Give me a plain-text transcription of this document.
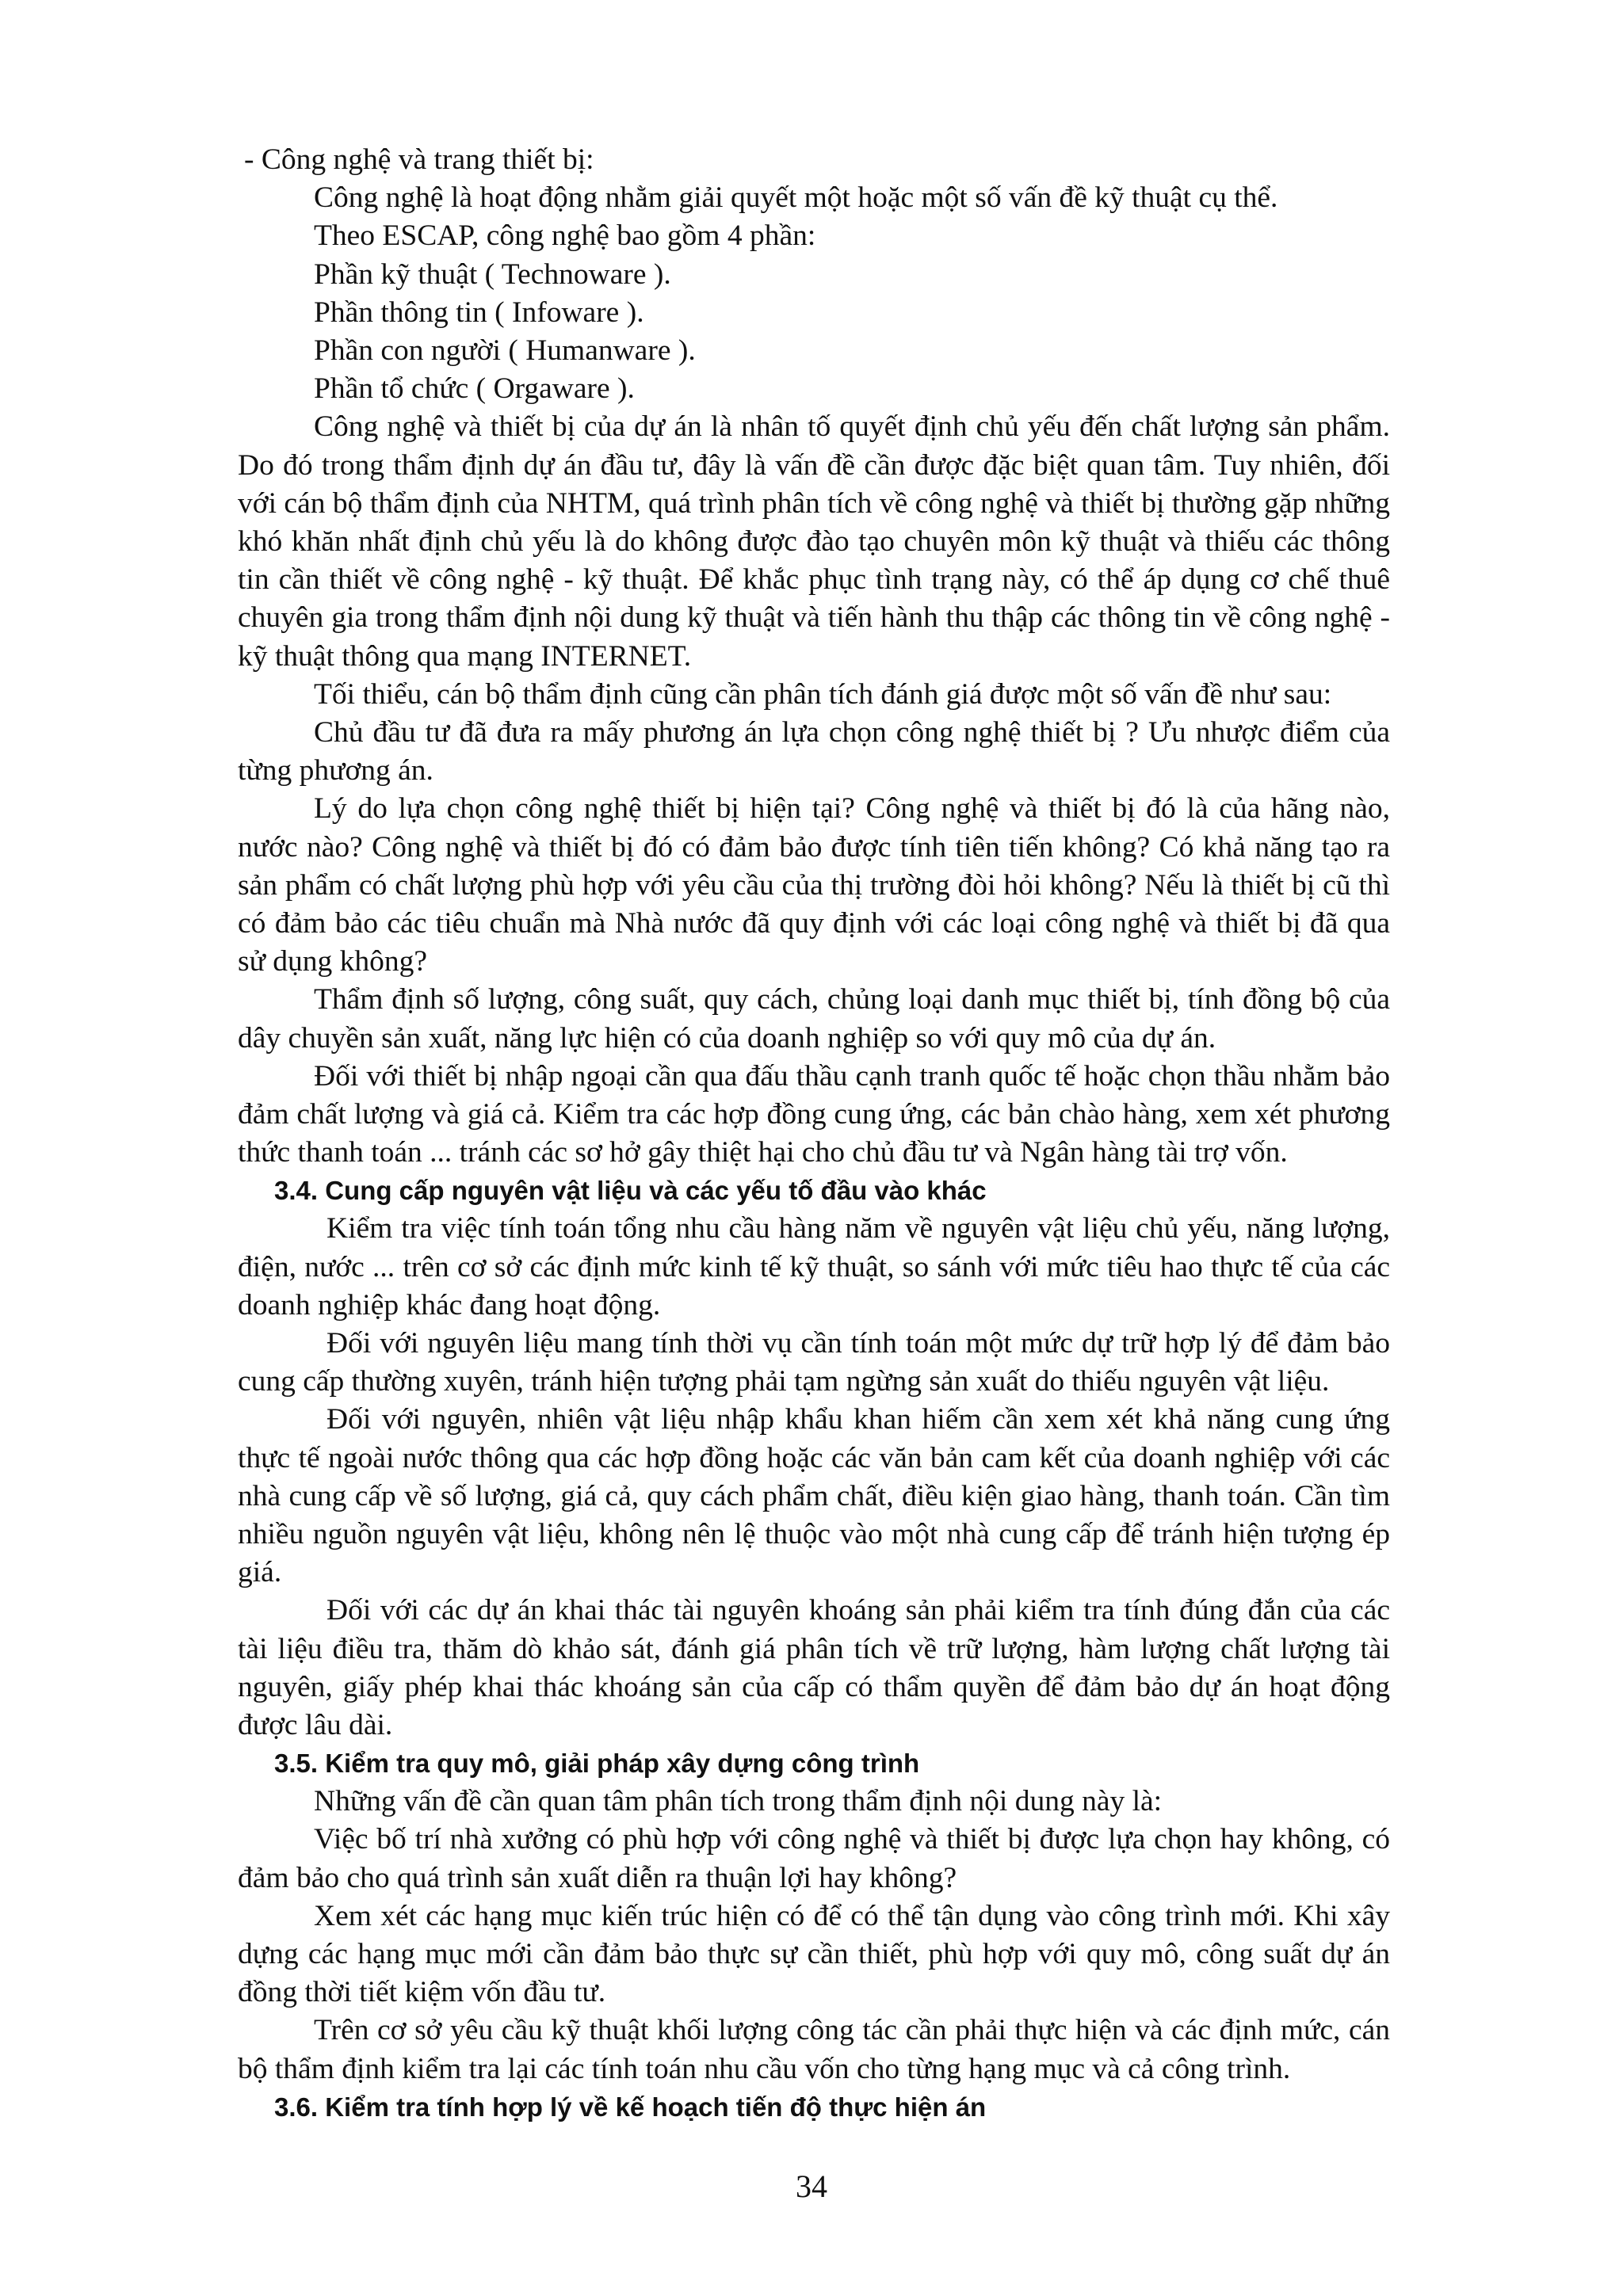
- Công nghệ và trang thiết bị:
Công nghệ là hoạt động nhằm giải quyết một hoặc một số vấn đề kỹ thuật cụ thể.
Theo ESCAP, công nghệ bao gồm 4 phần:
Phần kỹ thuật ( Technoware ).
Phần thông tin ( Infoware ).
Phần con người ( Humanware ).
Phần tổ chức ( Orgaware ).
Công nghệ và thiết bị của dự án là nhân tố quyết định chủ yếu đến chất lượng sản phẩm. Do đó trong thẩm định dự án đầu tư, đây là vấn đề cần được đặc biệt quan tâm. Tuy nhiên, đối với cán bộ thẩm định của NHTM, quá trình phân tích về công nghệ và thiết bị thường gặp những khó khăn nhất định chủ yếu là do không được đào tạo chuyên môn kỹ thuật và thiếu các thông tin cần thiết về công nghệ - kỹ thuật. Để khắc phục tình trạng này, có thể áp dụng cơ chế thuê chuyên gia trong thẩm định nội dung kỹ thuật và tiến hành thu thập các thông tin về công nghệ - kỹ thuật thông qua mạng INTERNET.
Tối thiểu, cán bộ thẩm định cũng cần phân tích đánh giá được một số vấn đề như sau:
Chủ đầu tư đã đưa ra mấy phương án lựa chọn công nghệ thiết bị ? Ưu nhược điểm của từng phương án.
Lý do lựa chọn công nghệ thiết bị hiện tại? Công nghệ và thiết bị đó là của hãng nào, nước nào? Công nghệ và thiết bị đó có đảm bảo được tính tiên tiến không? Có khả năng tạo ra sản phẩm có chất lượng phù hợp với yêu cầu của thị trường đòi hỏi không? Nếu là thiết bị cũ thì có đảm bảo các tiêu chuẩn mà Nhà nước đã quy định với các loại công nghệ và thiết bị đã qua sử dụng không?
Thẩm định số lượng, công suất, quy cách, chủng loại danh mục thiết bị, tính đồng bộ của dây chuyền sản xuất, năng lực hiện có của doanh nghiệp so với quy mô của dự án.
Đối với thiết bị nhập ngoại cần qua đấu thầu cạnh tranh quốc tế hoặc chọn thầu nhằm bảo đảm chất lượng và giá cả. Kiểm tra các hợp đồng cung ứng, các bản chào hàng, xem xét phương thức thanh toán ... tránh các sơ hở gây thiệt hại cho chủ đầu tư và Ngân hàng tài trợ vốn.
3.4. Cung cấp nguyên vật liệu và các yếu tố đầu vào khác
Kiểm tra việc tính toán tổng nhu cầu hàng năm về nguyên vật liệu chủ yếu, năng lượng, điện, nước ... trên cơ sở các định mức kinh tế kỹ thuật, so sánh với mức tiêu hao thực tế của các doanh nghiệp khác đang hoạt động.
Đối với nguyên liệu mang tính thời vụ cần tính toán một mức dự trữ hợp lý để đảm bảo cung cấp thường xuyên, tránh hiện tượng phải tạm ngừng sản xuất do thiếu nguyên vật liệu.
Đối với nguyên, nhiên vật liệu nhập khẩu khan hiếm cần xem xét khả năng cung ứng thực tế ngoài nước thông qua các hợp đồng hoặc các văn bản cam kết của doanh nghiệp với các nhà cung cấp về số lượng, giá cả, quy cách phẩm chất, điều kiện giao hàng, thanh toán. Cần tìm nhiều nguồn nguyên vật liệu, không nên lệ thuộc vào một nhà cung cấp để tránh hiện tượng ép giá.
Đối với các dự án khai thác tài nguyên khoáng sản phải kiểm tra tính đúng đắn của các tài liệu điều tra, thăm dò khảo sát, đánh giá phân tích về trữ lượng, hàm lượng chất lượng tài nguyên, giấy phép khai thác khoáng sản của cấp có thẩm quyền để đảm bảo dự án hoạt động được lâu dài.
3.5. Kiểm tra quy mô, giải pháp xây dựng công trình
Những vấn đề cần quan tâm phân tích trong thẩm định nội dung này là:
Việc bố trí nhà xưởng có phù hợp với công nghệ và thiết bị được lựa chọn hay không, có đảm bảo cho quá trình sản xuất diễn ra thuận lợi hay không?
Xem xét các hạng mục kiến trúc hiện có để có thể tận dụng vào công trình mới. Khi xây dựng các hạng mục mới cần đảm bảo thực sự cần thiết, phù hợp với quy mô, công suất dự án đồng thời tiết kiệm vốn đầu tư.
Trên cơ sở yêu cầu kỹ thuật khối lượng công tác cần phải thực hiện và các định mức, cán bộ thẩm định kiểm tra lại các tính toán nhu cầu vốn cho từng hạng mục và cả công trình.
3.6. Kiểm tra tính hợp lý về kế hoạch tiến độ thực hiện án
34
